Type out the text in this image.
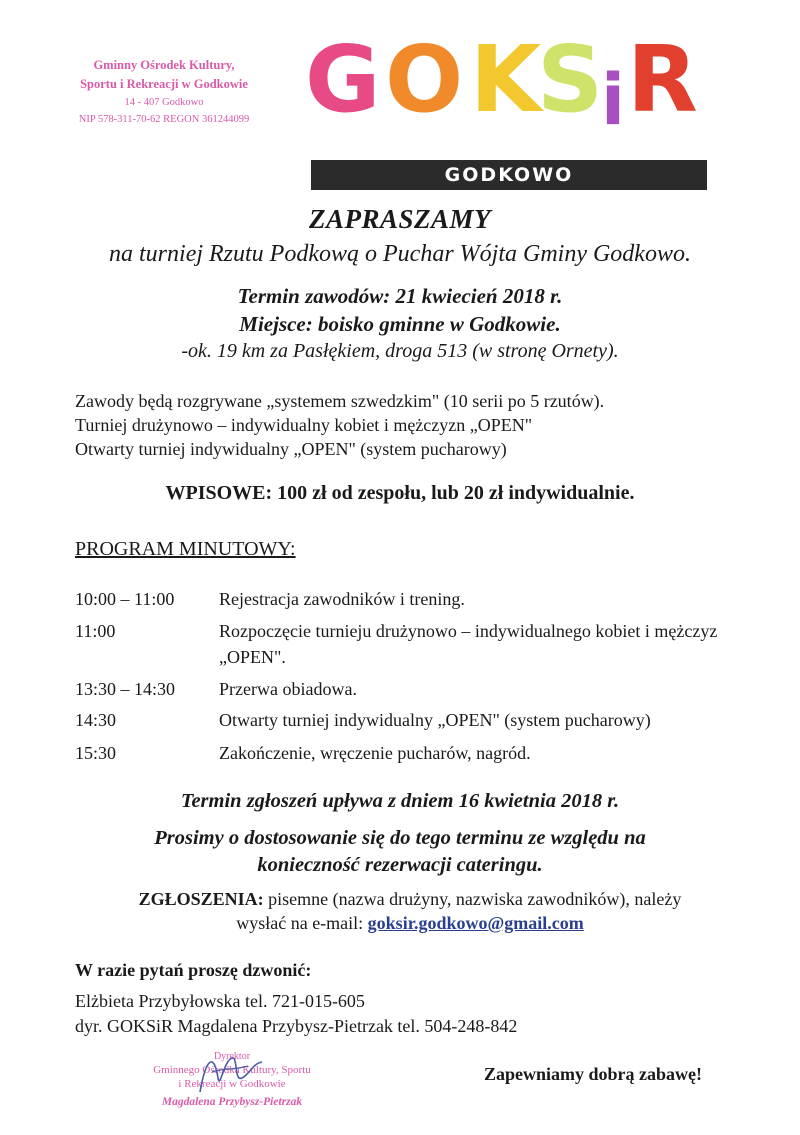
Gminny Ośrodek Kultury,
Sportu i Rekreacji w Godkowie
14 - 407 Godkowo
NIP 578-311-70-62 REGON 361244099 G O K
S
i R
GODKOWO
ZAPRASZAMY
na turniej Rzutu Podkową o Puchar Wójta Gminy Godkowo.
Termin zawodów: 21 kwiecień 2018 r.
Miejsce: boisko gminne w Godkowie.
-ok. 19 km za Pasłękiem, droga 513 (w stronę Ornety).
Zawody będą rozgrywane „systemem szwedzkim" (10 serii po 5 rzutów).
Turniej drużynowo – indywidualny kobiet i mężczyzn „OPEN"
Otwarty turniej indywidualny „OPEN" (system pucharowy)
WPISOWE: 100 zł od zespołu, lub 20 zł indywidualnie.
PROGRAM MINUTOWY:
10:00 – 11:00 Rejestracja zawodników i trening.
11:00	Rozpoczęcie turnieju drużynowo – indywidualnego kobiet i mężczyz „OPEN".
13:30 – 14:30 Przerwa obiadowa.
14:30	Otwarty turniej indywidualny „OPEN" (system pucharowy)
15:30	Zakończenie, wręczenie pucharów, nagród.
Termin zgłoszeń upływa z dniem 16 kwietnia 2018 r.
Prosimy o dostosowanie się do tego terminu ze względu na
konieczność rezerwacji cateringu.
ZGŁOSZENIA: pisemne (nazwa drużyny, nazwiska zawodników), należy
wysłać na e-mail: goksir.godkowo@gmail.com
W razie pytań proszę dzwonić:
Elżbieta Przybyłowska tel. 721-015-605
dyr. GOKSiR Magdalena Przybysz-Pietrzak tel. 504-248-842
Dyrektor
Gminnego Ośrodka Kultury, Sportu
i Rekreacji w Godkowie
Magdalena Przybysz-Pietrzak
Zapewniamy dobrą zabawę!
